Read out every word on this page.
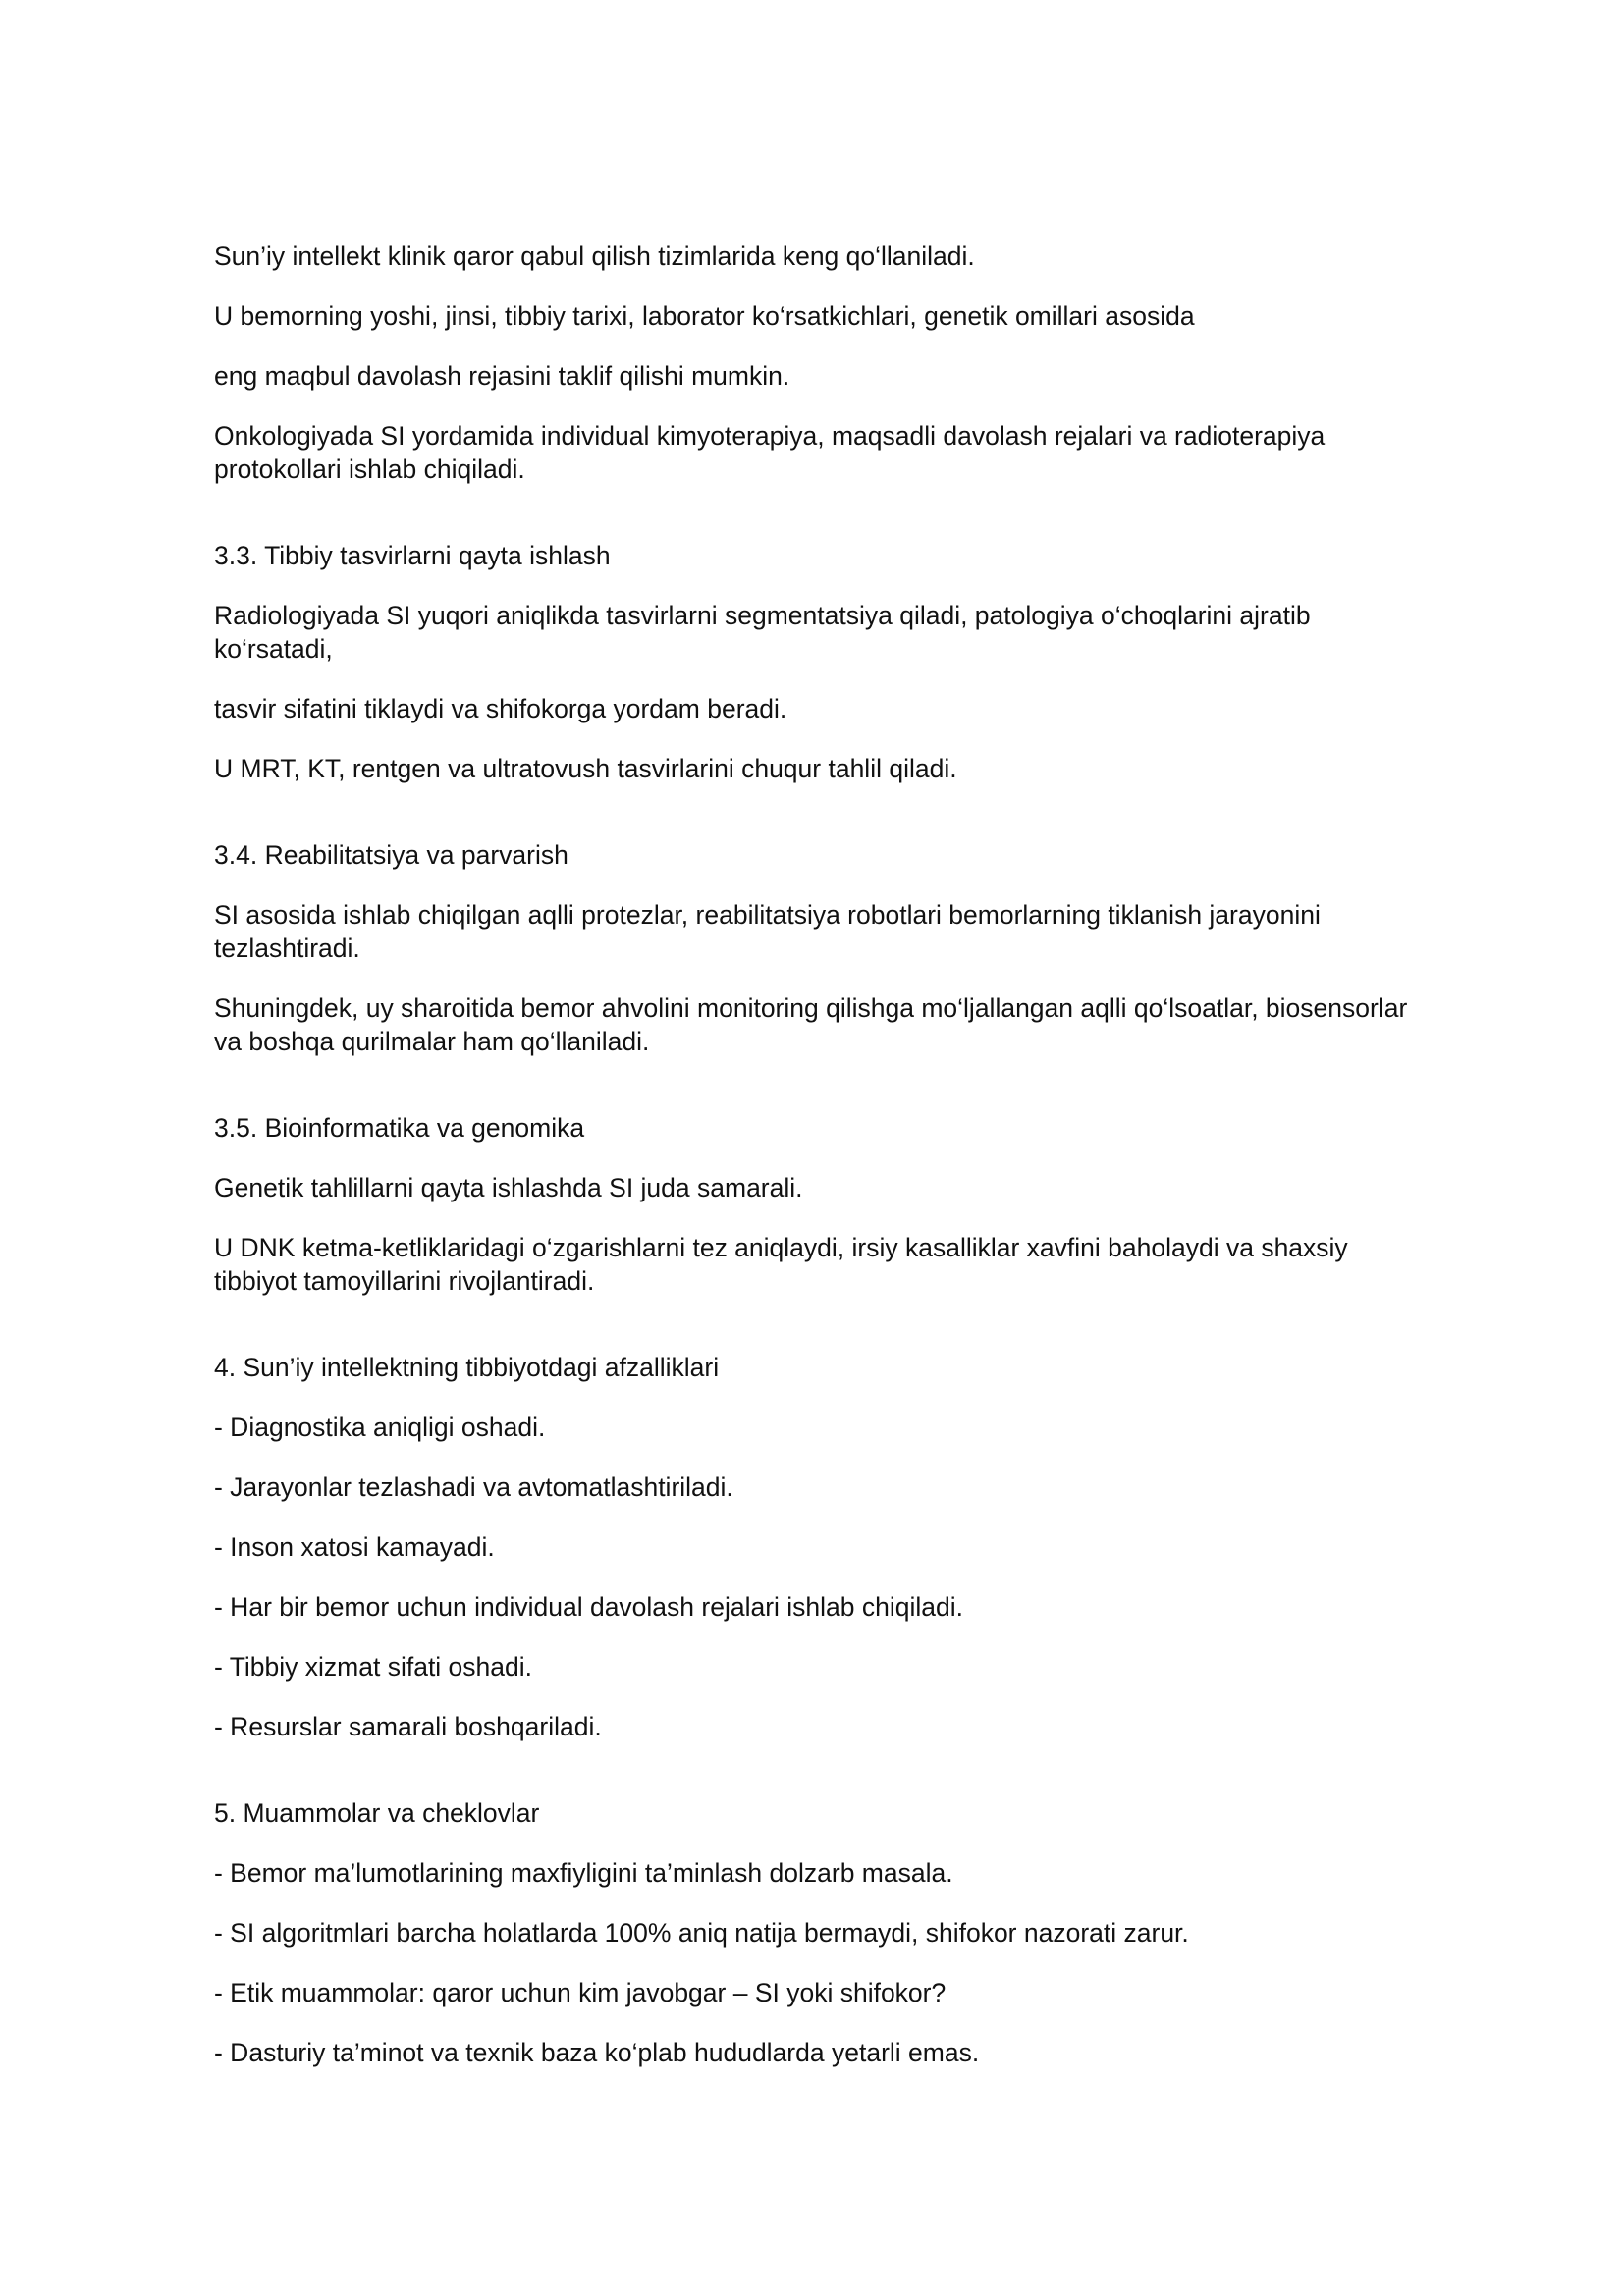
Sun’iy intellekt klinik qaror qabul qilish tizimlarida keng qo‘llaniladi.

U bemorning yoshi, jinsi, tibbiy tarixi, laborator ko‘rsatkichlari, genetik omillari asosida

eng maqbul davolash rejasini taklif qilishi mumkin.

Onkologiyada SI yordamida individual kimyoterapiya, maqsadli davolash rejalari va radioterapiya protokollari ishlab chiqiladi.

3.3. Tibbiy tasvirlarni qayta ishlash

Radiologiyada SI yuqori aniqlikda tasvirlarni segmentatsiya qiladi, patologiya o‘choqlarini ajratib ko‘rsatadi,

tasvir sifatini tiklaydi va shifokorga yordam beradi.

U MRT, KT, rentgen va ultratovush tasvirlarini chuqur tahlil qiladi.

3.4. Reabilitatsiya va parvarish

SI asosida ishlab chiqilgan aqlli protezlar, reabilitatsiya robotlari bemorlarning tiklanish jarayonini tezlashtiradi.

Shuningdek, uy sharoitida bemor ahvolini monitoring qilishga mo‘ljallangan aqlli qo‘lsoatlar, biosensorlar va boshqa qurilmalar ham qo‘llaniladi.

3.5. Bioinformatika va genomika

Genetik tahlillarni qayta ishlashda SI juda samarali.

U DNK ketma-ketliklaridagi o‘zgarishlarni tez aniqlaydi, irsiy kasalliklar xavfini baholaydi va shaxsiy tibbiyot tamoyillarini rivojlantiradi.

4. Sun’iy intellektning tibbiyotdagi afzalliklari

- Diagnostika aniqligi oshadi.

- Jarayonlar tezlashadi va avtomatlashtiriladi.

- Inson xatosi kamayadi.

- Har bir bemor uchun individual davolash rejalari ishlab chiqiladi.

- Tibbiy xizmat sifati oshadi.

- Resurslar samarali boshqariladi.

5. Muammolar va cheklovlar

- Bemor ma’lumotlarining maxfiyligini ta’minlash dolzarb masala.

- SI algoritmlari barcha holatlarda 100% aniq natija bermaydi, shifokor nazorati zarur.

- Etik muammolar: qaror uchun kim javobgar – SI yoki shifokor?

- Dasturiy ta’minot va texnik baza ko‘plab hududlarda yetarli emas.
